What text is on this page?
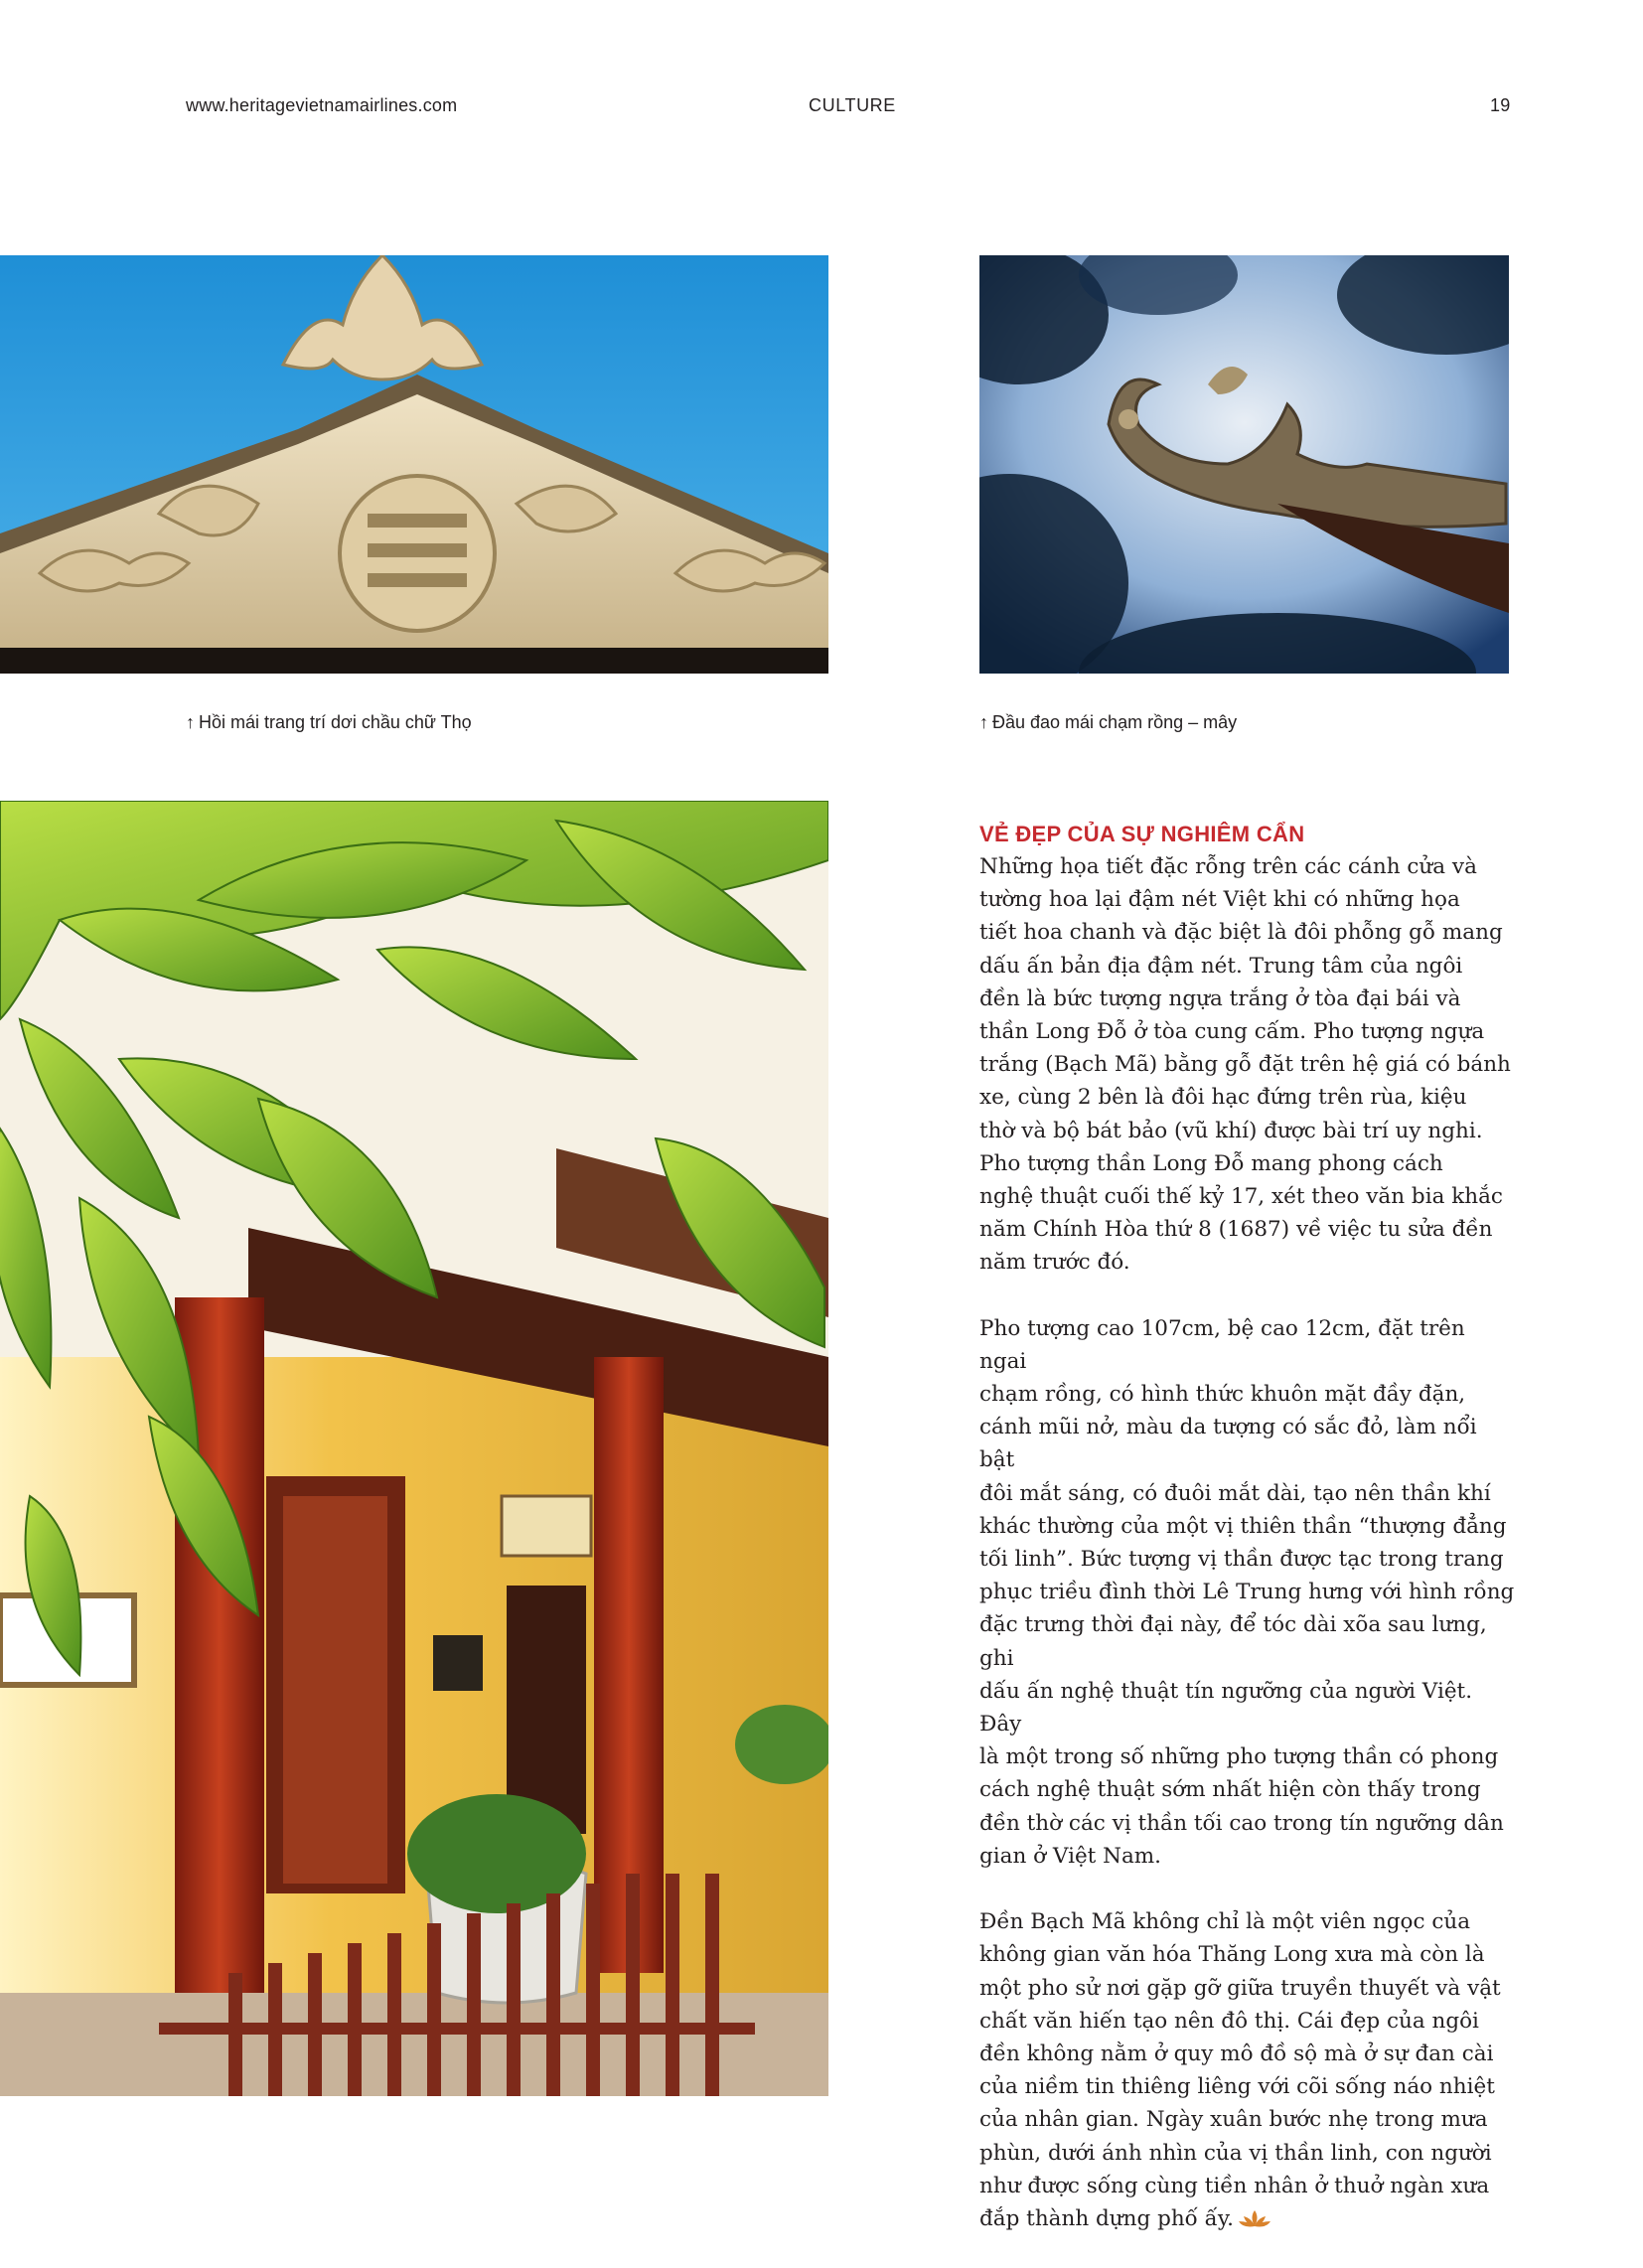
www.heritagevietnamairlines.com	CULTURE	19
↑ Hồi mái trang trí dơi chầu chữ Thọ	↑ Đầu đao mái chạm rồng – mây
VẺ ĐẸP CỦA SỰ NGHIÊM CẨN

Những họa tiết đặc rỗng trên các cánh cửa và
tường hoa lại đậm nét Việt khi có những họa
tiết hoa chanh và đặc biệt là đôi phỗng gỗ mang
dấu ấn bản địa đậm nét. Trung tâm của ngôi
đền là bức tượng ngựa trắng ở tòa đại bái và
thần Long Đỗ ở tòa cung cấm. Pho tượng ngựa
trắng (Bạch Mã) bằng gỗ đặt trên hệ giá có bánh
xe, cùng 2 bên là đôi hạc đứng trên rùa, kiệu
thờ và bộ bát bảo (vũ khí) được bài trí uy nghi.
Pho tượng thần Long Đỗ mang phong cách
nghệ thuật cuối thế kỷ 17, xét theo văn bia khắc
năm Chính Hòa thứ 8 (1687) về việc tu sửa đền
năm trước đó.

Pho tượng cao 107cm, bệ cao 12cm, đặt trên ngai
chạm rồng, có hình thức khuôn mặt đầy đặn,
cánh mũi nở, màu da tượng có sắc đỏ, làm nổi bật
đôi mắt sáng, có đuôi mắt dài, tạo nên thần khí
khác thường của một vị thiên thần “thượng đẳng
tối linh”. Bức tượng vị thần được tạc trong trang
phục triều đình thời Lê Trung hưng với hình rồng
đặc trưng thời đại này, để tóc dài xõa sau lưng, ghi
dấu ấn nghệ thuật tín ngưỡng của người Việt. Đây
là một trong số những pho tượng thần có phong
cách nghệ thuật sớm nhất hiện còn thấy trong
đền thờ các vị thần tối cao trong tín ngưỡng dân
gian ở Việt Nam.

Đền Bạch Mã không chỉ là một viên ngọc của
không gian văn hóa Thăng Long xưa mà còn là
một pho sử nơi gặp gỡ giữa truyền thuyết và vật
chất văn hiến tạo nên đô thị. Cái đẹp của ngôi
đền không nằm ở quy mô đồ sộ mà ở sự đan cài
của niềm tin thiêng liêng với cõi sống náo nhiệt
của nhân gian. Ngày xuân bước nhẹ trong mưa
phùn, dưới ánh nhìn của vị thần linh, con người
như được sống cùng tiền nhân ở thuở ngàn xưa
đắp thành dựng phố ấy.
